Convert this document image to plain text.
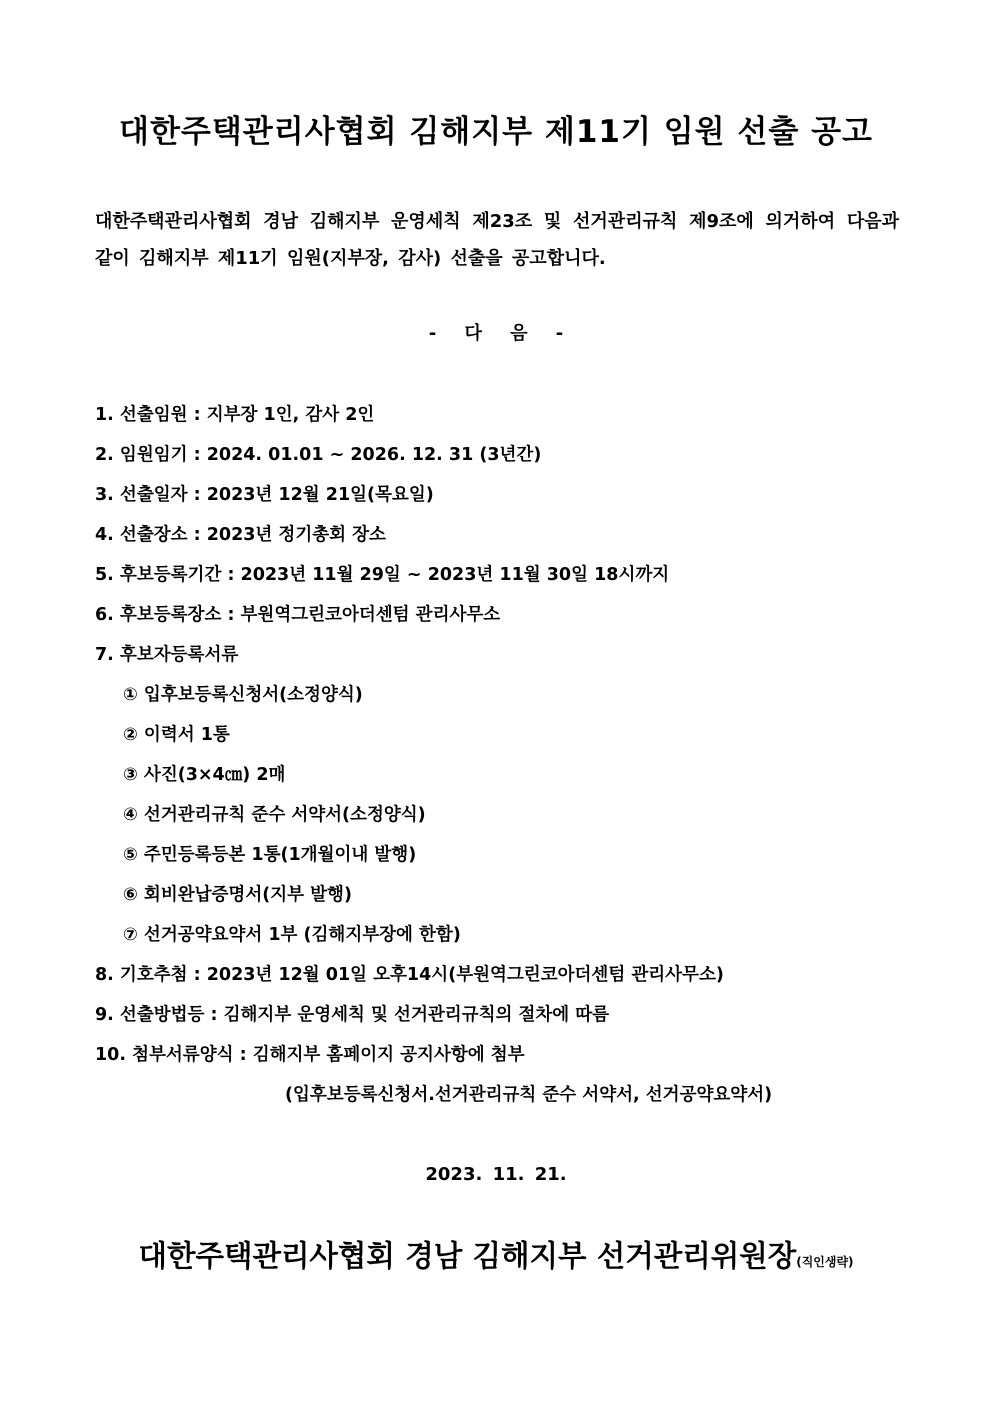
대한주택관리사협회 김해지부 제11기 임원 선출 공고
대한주택관리사협회 경남 김해지부 운영세칙 제23조 및 선거관리규칙 제9조에 의거하여 다음과 같이 김해지부 제11기 임원(지부장, 감사) 선출을 공고합니다.
- 다 음 -
1. 선출임원 : 지부장 1인, 감사 2인
2. 임원임기 : 2024. 01.01 ~ 2026. 12. 31 (3년간)
3. 선출일자 : 2023년 12월 21일(목요일)
4. 선출장소 : 2023년 정기총회 장소
5. 후보등록기간 : 2023년 11월 29일 ~ 2023년 11월 30일 18시까지
6. 후보등록장소 : 부원역그린코아더센텀 관리사무소
7. 후보자등록서류
① 입후보등록신청서(소정양식)
② 이력서 1통
③ 사진(3×4㎝) 2매
④ 선거관리규칙 준수 서약서(소정양식)
⑤ 주민등록등본 1통(1개월이내 발행)
⑥ 회비완납증명서(지부 발행)
⑦ 선거공약요약서 1부 (김해지부장에 한함)
8. 기호추첨 : 2023년 12월 01일 오후14시(부원역그린코아더센텀 관리사무소)
9. 선출방법등 : 김해지부 운영세칙 및 선거관리규칙의 절차에 따름
10. 첨부서류양식 : 김해지부 홈페이지 공지사항에 첨부
(입후보등록신청서.선거관리규칙 준수 서약서, 선거공약요약서)
2023. 11. 21.
대한주택관리사협회 경남 김해지부 선거관리위원장(직인생략)
